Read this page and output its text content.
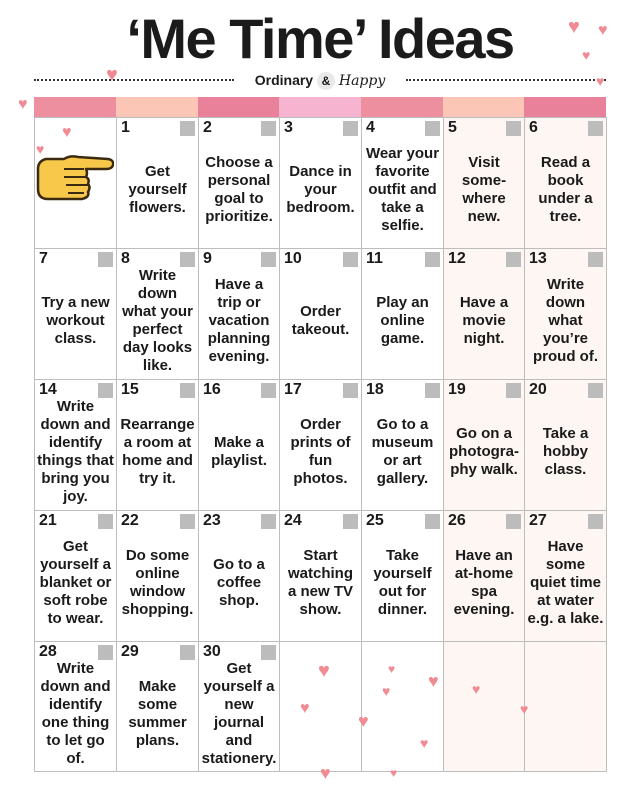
‘Me Time’ Ideas
Ordinary & Happy
30
Get yourself a new journal and stationery.
29
Make some summer plans.
28
Write down and identify one thing to let go of.
27
Have some quiet time at water e.g. a lake.
26
Have an at-home spa evening.
25
Take yourself out for dinner.
24
Start watching a new TV show.
23
Go to a coffee shop.
22
Do some online window shopping.
21
Get yourself a blanket or soft robe to wear.
20
Take a hobby class.
19
Go on a photogra-phy walk.
18
Go to a museum or art gallery.
17
Order prints of fun photos.
16
Make a playlist.
15
Rearrange a room at home and try it.
14
Write down and identify things that bring you joy.
13
Write down what you’re proud of.
12
Have a movie night.
11
Play an online game.
10
Order takeout.
9
Have a trip or vacation planning evening.
8
Write down what your perfect day looks like.
7
Try a new workout class.
6
Read a book under a tree.
5
Visit some-where new.
4
Wear your favorite outfit and take a selfie.
3
Dance in your bedroom.
2
Choose a personal goal to prioritize.
1
Get yourself flowers.
♥ ♥
♥
♥
♥
♥
♥
♥
♥
♥
♥
♥ ♥ ♥
♥
♥
♥
♥	♥
